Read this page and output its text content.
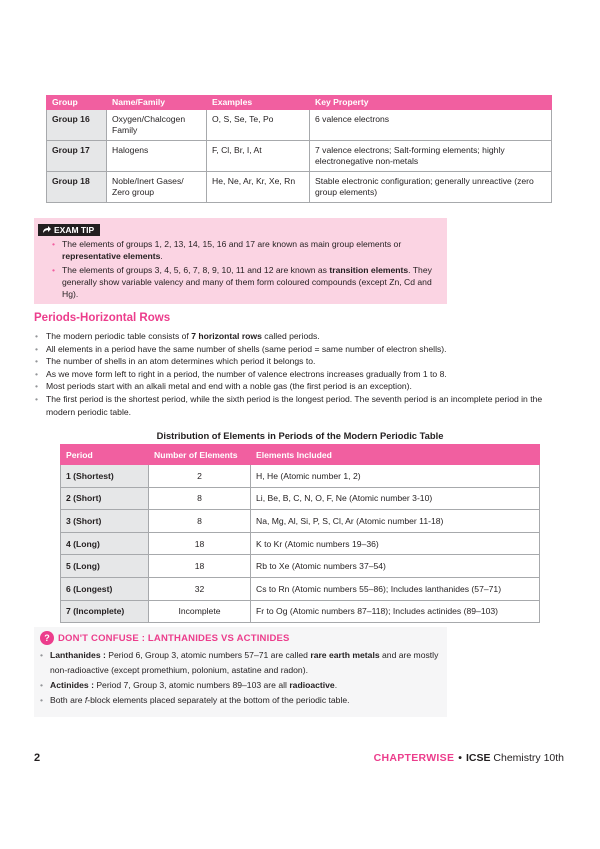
Group	Name/Family	Examples	Key Property
Group 16	Oxygen/Chalcogen Family	O, S, Se, Te, Po	6 valence electrons
Group 17	Halogens	F, Cl, Br, I, At	7 valence electrons; Salt-forming elements; highly electronegative non-metals
Group 18	Noble/Inert Gases/ Zero group	He, Ne, Ar, Kr, Xe, Rn	Stable electronic configuration; generally unreactive (zero group elements)
EXAM TIP
• The elements of groups 1, 2, 13, 14, 15, 16 and 17 are known as main group elements or representative elements.
• The elements of groups 3, 4, 5, 6, 7, 8, 9, 10, 11 and 12 are known as transition elements. They generally show variable valency and many of them form coloured compounds (except Zn, Cd and Hg).
Periods-Horizontal Rows
• The modern periodic table consists of 7 horizontal rows called periods.
• All elements in a period have the same number of shells (same period = same number of electron shells).
• The number of shells in an atom determines which period it belongs to.
• As we move form left to right in a period, the number of valence electrons increases gradually from 1 to 8.
• Most periods start with an alkali metal and end with a noble gas (the first period is an exception).
• The first period is the shortest period, while the sixth period is the longest period. The seventh period is an incomplete period in the modern periodic table.
Distribution of Elements in Periods of the Modern Periodic Table
Period	Number of Elements	Elements Included
1 (Shortest)	2	H, He (Atomic number 1, 2)
2 (Short)	8	Li, Be, B, C, N, O, F, Ne (Atomic number 3-10)
3 (Short)	8	Na, Mg, Al, Si, P, S, Cl, Ar (Atomic number 11-18)
4 (Long)	18	K to Kr (Atomic numbers 19–36)
5 (Long)	18	Rb to Xe (Atomic numbers 37–54)
6 (Longest)	32	Cs to Rn (Atomic numbers 55–86); Includes lanthanides (57–71)
7 (Incomplete)	Incomplete	Fr to Og (Atomic numbers 87–118); Includes actinides (89–103)
? DON'T CONFUSE : LANTHANIDES VS ACTINIDES
• Lanthanides : Period 6, Group 3, atomic numbers 57–71 are called rare earth metals and are mostly non-radioactive (except promethium, polonium, astatine and radon).
• Actinides : Period 7, Group 3, atomic numbers 89–103 are all radioactive.
• Both are f-block elements placed separately at the bottom of the periodic table.
2	CHAPTERWISE • ICSE Chemistry 10th
